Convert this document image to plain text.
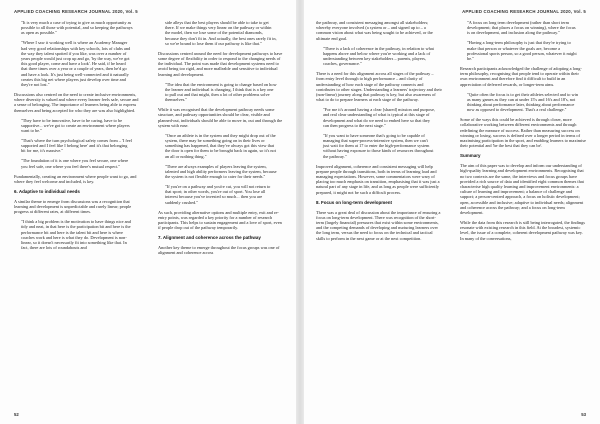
APPLIED COACHING RESEARCH JOURNAL 2020, Vol. 5

"It is very much a case of trying to give as much opportunity as possible to all those with potential, and so keeping the pathways as open as possible."

"Where I saw it working well is where an Academy Manager had very good relationships with key schools, lots of clubs and the way they talent spotted if you like, was over a number of years people would just crop up and go, 'by the way, we've got this good player, come and have a look'. He said, if he heard that three times over a year or a couple of years, then he'd go and have a look. It's just being well-connected and it naturally creates this big net where players just develop over time and they're not lost."

Discussions also centred on the need to create inclusive environments, where diversity is valued and where every learner feels safe, secure and a sense of belonging. The importance of learners being able to express themselves and being accepted for who they are was also highlighted.

"They have to be innovative, have to be caring, have to be supportive... we've got to create an environment where players want to be."

"That's where the turn psychological safety comes from – 'I feel supported and I feel like I belong here' and it's that belonging bit for me, it's massive."

"The foundation of it is one where you feel secure, one where you feel safe, one where you feel there's mutual respect."

Fundamentally, creating an environment where people want to go, and where they feel welcome and included, is key.

6. Adaptive to individual needs

A similar theme to emerge from discussions was a recognition that learning and development is unpredictable and rarely linear; people progress at different rates, at different times.

"I think a big problem is the motivation to have things nice and tidy and neat, in that here is the participation bit and here is the performance bit and here is the talent bit and here is where coaches work and here is what they do. Development is non-linear, so it doesn't necessarily fit into something like that. In fact, there are lots of roundabouts and

side alleys that the best players should be able to take to get there. If we make things very linear on the pathway or within the model, then we lose some of the potential diamonds, because they don't fit in. And actually, the best ones rarely fit in, so we're bound to lose them if our pathway is like that."

Discussions centred around the need for development pathways to have some degree of flexibility in order to respond to the changing needs of the individual. The point was made that development systems need to avoid being too rigid, and more malleable and sensitive to individual learning and development.

"The idea that the environment is going to change based on how the learner and individual is changing, I think that is a key one to pull out and that might, then a lot of other problems solve themselves."

While it was recognised that the development pathway needs some structure, and pathway opportunities should be clear, visible and planned-out, individuals should be able to move in, out and through the system with ease.

"Once an athlete is in the system and they might drop out of the system, there may be something going on in their lives or something has happened, that they've always got this view that the door is open for them to be brought back in again, so it's not an all or nothing thing."

"There are always examples of players leaving the system, talented and high ability performers leaving the system, because the system is not flexible enough to cater for their needs."

"If you're on a pathway and you're cut, you will not return to that sport; in other words, you're out of sport. You lose all interest because you've invested so much... then you are suddenly crushed."

As such, providing alternative options and multiple entry, exit and re-entry points, was regarded a key priority for a number of research participants. This helps to sustain engagement and a love of sport, even if people drop out of the pathway temporarily.

7. Alignment and coherence across the pathway

Another key theme to emerge throughout the focus groups was one of alignment and coherence across

52
APPLIED COACHING RESEARCH JOURNAL 2020, Vol. 5

the pathway, and consistent messaging amongst all stakeholders; whereby everyone involved (a system or – and signed up to – a common vision about what was being sought to be achieved, or the ultimate end goal.

"There is a lack of coherence in the pathway, in relation to what happens above and below where you're working and a lack of understanding between key stakeholders – parents, players, coaches, governance."

There is a need for this alignment across all stages of the pathway – from entry level through to high performance – and clarity of understanding of how each stage of the pathway connects and contributes to other stages. Understanding a learners' trajectory and their (non-linear) journey along that pathway is key, but also awareness of what to do to prepare learners at each stage of the pathway.

"For me it's around having a clear [shared] mission and purpose, and real clear understanding of what is typical at this stage of development and what do we need to embed here so that they can then progress to the next stage."

"If you want to have someone that's going to be capable of managing that super-process-intensive system, then we can't just wait for them at 17 to enter the high-performance system without having exposure to those kinds of resources throughout the pathway."

Improved alignment, coherence and consistent messaging will help prepare people through transitions, both in terms of learning load and managing expectations. However, some commentators were wary of placing too much emphasis on transition, emphasising that it was just a natural part of any stage in life, and as long as people were sufficiently prepared, it might not be such a difficult process.

8. Focus on long-term development

There was a great deal of discussion about the importance of ensuring a focus on long-term development. There was recognition of the short-term (largely financial) pressures that exist within some environments, and the competing demands of developing and nurturing learners over the long term, versus the need to focus on the technical and tactical skills to perform in the next game or at the next competition.

"A focus on long term development (rather than short term development; that places a focus on winning), where the focus is on development, and inclusion along the pathway."

"Having a long-term philosophy is just that they're trying to make that person or whatever the goals are, become a professional sports person, so a good person, whatever it might be."

Research participants acknowledged the challenge of adopting a long-term philosophy, recognising that people tend to operate within their own environment and therefore find it difficult to build in an appreciation of deferred rewards, or longer-term aims.

"Quite often the focus is to get their athletes selected and to win as many games as they can at under 15's and 16's and 18's, not thinking about performance later, thinking about performance now as opposed to development. That's a real challenge."

Some of the ways this could be achieved is through closer, more collaborative working between different environments and through redefining the measure of success. Rather than measuring success on winning or losing, success is defined over a longer period in terms of maximising participation in the sport, and enabling learners to maximise their potential and 'be the best that they can be'.

Summary

The aim of this paper was to develop and inform our understanding of high-quality learning and development environments. Recognising that no two contexts are the same, the interviews and focus groups have provided a rich source of data and identified eight common themes that characterise high quality learning and improvement environments: a culture of learning and improvement; a balance of challenge and support; a person-centred approach, a focus on holistic development; open, accessible and inclusive; adaptive to individual needs; alignment and coherence across the pathway; and a focus on long-term development.

While the data from this research is still being interrogated, the findings resonate with existing research in this field. At the broadest, systemic level, the issue of a complete, coherent development pathway was key. In many of the conversations,

53
